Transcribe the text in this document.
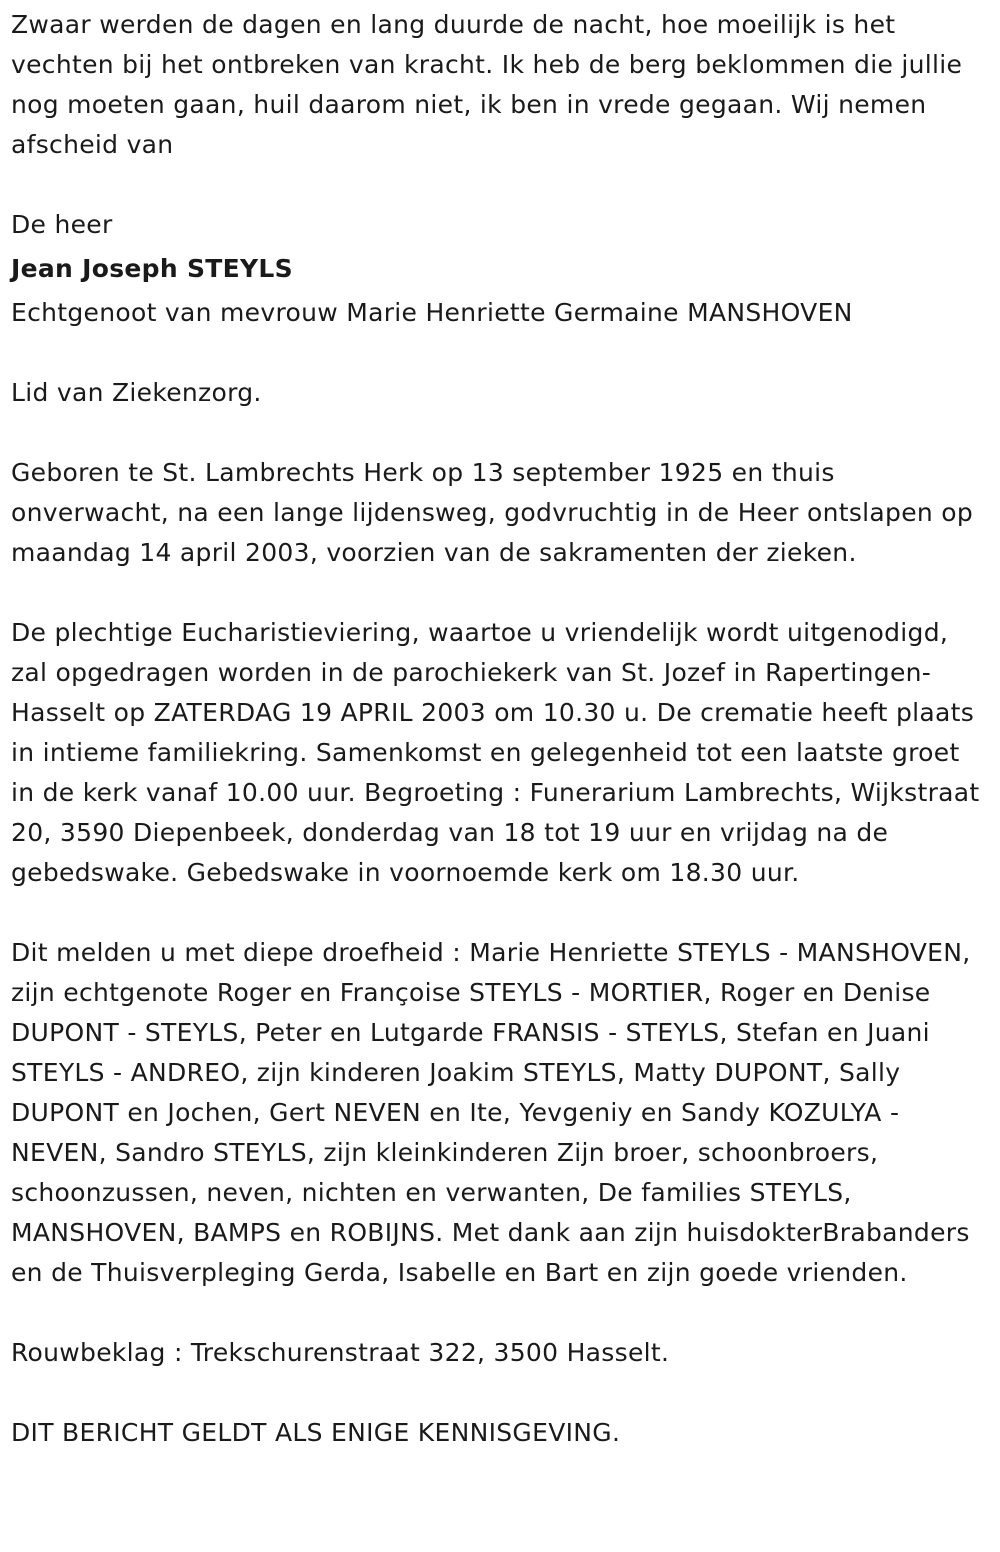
Zwaar werden de dagen en lang duurde de nacht, hoe moeilijk is het vechten bij het ontbreken van kracht. Ik heb de berg beklommen die jullie nog moeten gaan, huil daarom niet, ik ben in vrede gegaan. Wij nemen afscheid van

De heer

Jean Joseph STEYLS

Echtgenoot van mevrouw Marie Henriette Germaine MANSHOVEN

Lid van Ziekenzorg.

Geboren te St. Lambrechts Herk op 13 september 1925 en thuis onverwacht, na een lange lijdensweg, godvruchtig in de Heer ontslapen op maandag 14 april 2003, voorzien van de sakramenten der zieken.

De plechtige Eucharistieviering, waartoe u vriendelijk wordt uitgenodigd, zal opgedragen worden in de parochiekerk van St. Jozef in Rapertingen-Hasselt op ZATERDAG 19 APRIL 2003 om 10.30 u. De crematie heeft plaats in intieme familiekring. Samenkomst en gelegenheid tot een laatste groet in de kerk vanaf 10.00 uur. Begroeting : Funerarium Lambrechts, Wijkstraat 20, 3590 Diepenbeek, donderdag van 18 tot 19 uur en vrijdag na de gebedswake. Gebedswake in voornoemde kerk om 18.30 uur.

Dit melden u met diepe droefheid : Marie Henriette STEYLS - MANSHOVEN, zijn echtgenote Roger en Françoise STEYLS - MORTIER, Roger en Denise DUPONT - STEYLS, Peter en Lutgarde FRANSIS - STEYLS, Stefan en Juani STEYLS - ANDREO, zijn kinderen Joakim STEYLS, Matty DUPONT, Sally DUPONT en Jochen, Gert NEVEN en Ite, Yevgeniy en Sandy KOZULYA - NEVEN, Sandro STEYLS, zijn kleinkinderen Zijn broer, schoonbroers, schoonzussen, neven, nichten en verwanten, De families STEYLS, MANSHOVEN, BAMPS en ROBIJNS. Met dank aan zijn huisdokterBrabanders en de Thuisverpleging Gerda, Isabelle en Bart en zijn goede vrienden.

Rouwbeklag : Trekschurenstraat 322, 3500 Hasselt.

DIT BERICHT GELDT ALS ENIGE KENNISGEVING.
